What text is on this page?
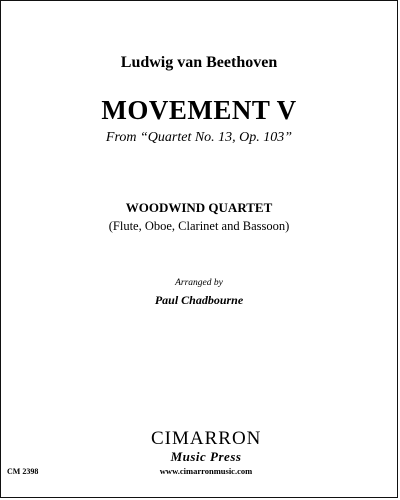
Ludwig van Beethoven
MOVEMENT V
From “Quartet No. 13, Op. 103”
WOODWIND QUARTET
(Flute, Oboe, Clarinet and Bassoon)
Arranged by
Paul Chadbourne
CIMARRON
Music Press
www.cimarronmusic.com
CM 2398
